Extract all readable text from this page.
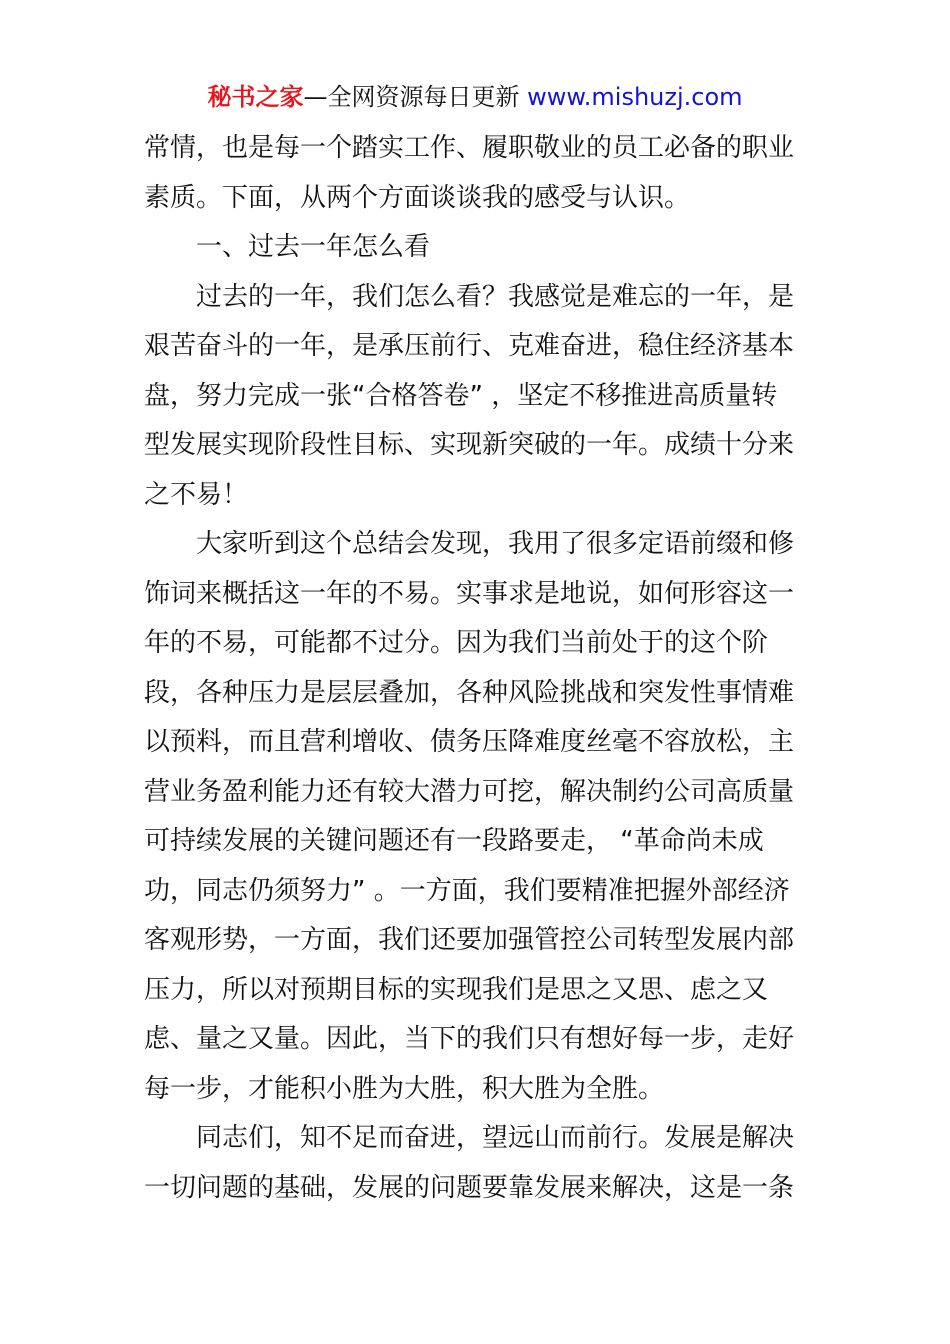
秘书之家—全网资源每日更新 www.mishuzj.com
常情，也是每一个踏实工作、履职敬业的员工必备的职业
素质。下面，从两个方面谈谈我的感受与认识。
一、过去一年怎么看
过去的一年，我们怎么看？我感觉是难忘的一年，是
艰苦奋斗的一年，是承压前行、克难奋进，稳住经济基本
盘，努力完成一张“合格答卷” ，坚定不移推进高质量转
型发展实现阶段性目标、实现新突破的一年。成绩十分来
之不易！
大家听到这个总结会发现，我用了很多定语前缀和修
饰词来概括这一年的不易。实事求是地说，如何形容这一
年的不易，可能都不过分。因为我们当前处于的这个阶
段，各种压力是层层叠加，各种风险挑战和突发性事情难
以预料，而且营利增收、债务压降难度丝毫不容放松，主
营业务盈利能力还有较大潜力可挖，解决制约公司高质量
可持续发展的关键问题还有一段路要走， “革命尚未成
功，同志仍须努力” 。一方面，我们要精准把握外部经济
客观形势，一方面，我们还要加强管控公司转型发展内部
压力，所以对预期目标的实现我们是思之又思、虑之又
虑、量之又量。因此，当下的我们只有想好每一步，走好
每一步，才能积小胜为大胜，积大胜为全胜。
同志们，知不足而奋进，望远山而前行。发展是解决
一切问题的基础，发展的问题要靠发展来解决，这是一条
